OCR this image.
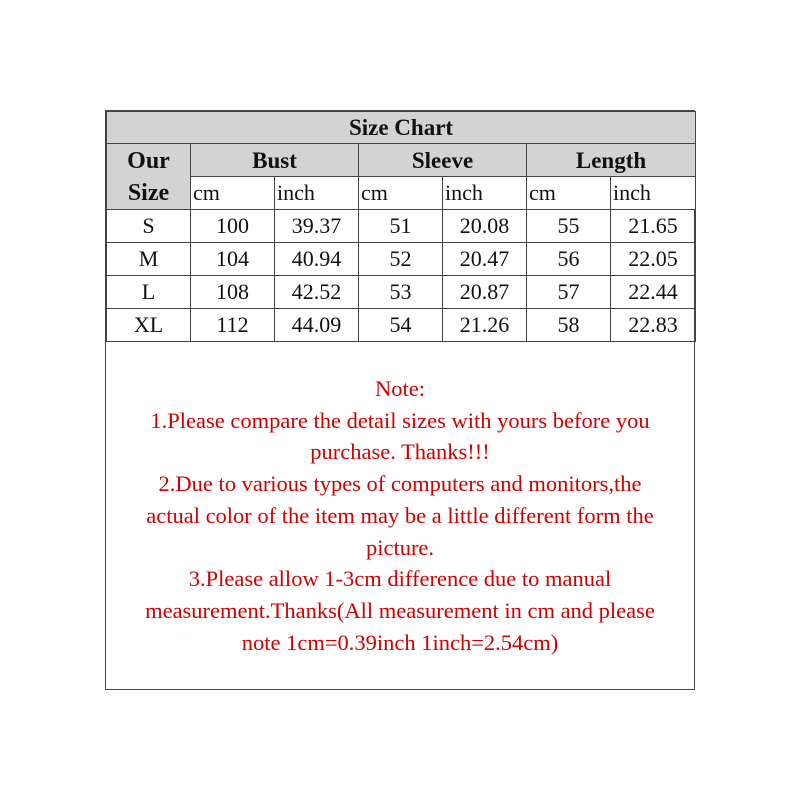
Size Chart						

Our
Size	Bust		Sleeve		Length	
	cm	inch	cm	inch	cm	inch
S	100	39.37	51	20.08	55	21.65
M	104	40.94	52	20.47	56	22.05
L	108	42.52	53	20.87	57	22.44
XL	112	44.09	54	21.26	58	22.83
Note:
1.Please compare the detail sizes with yours before you
purchase. Thanks!!!
2.Due to various types of computers and monitors,the
actual color of the item may be a little different form the
picture.
3.Please allow 1-3cm difference due to manual
measurement.Thanks(All measurement in cm and please
note 1cm=0.39inch 1inch=2.54cm)
